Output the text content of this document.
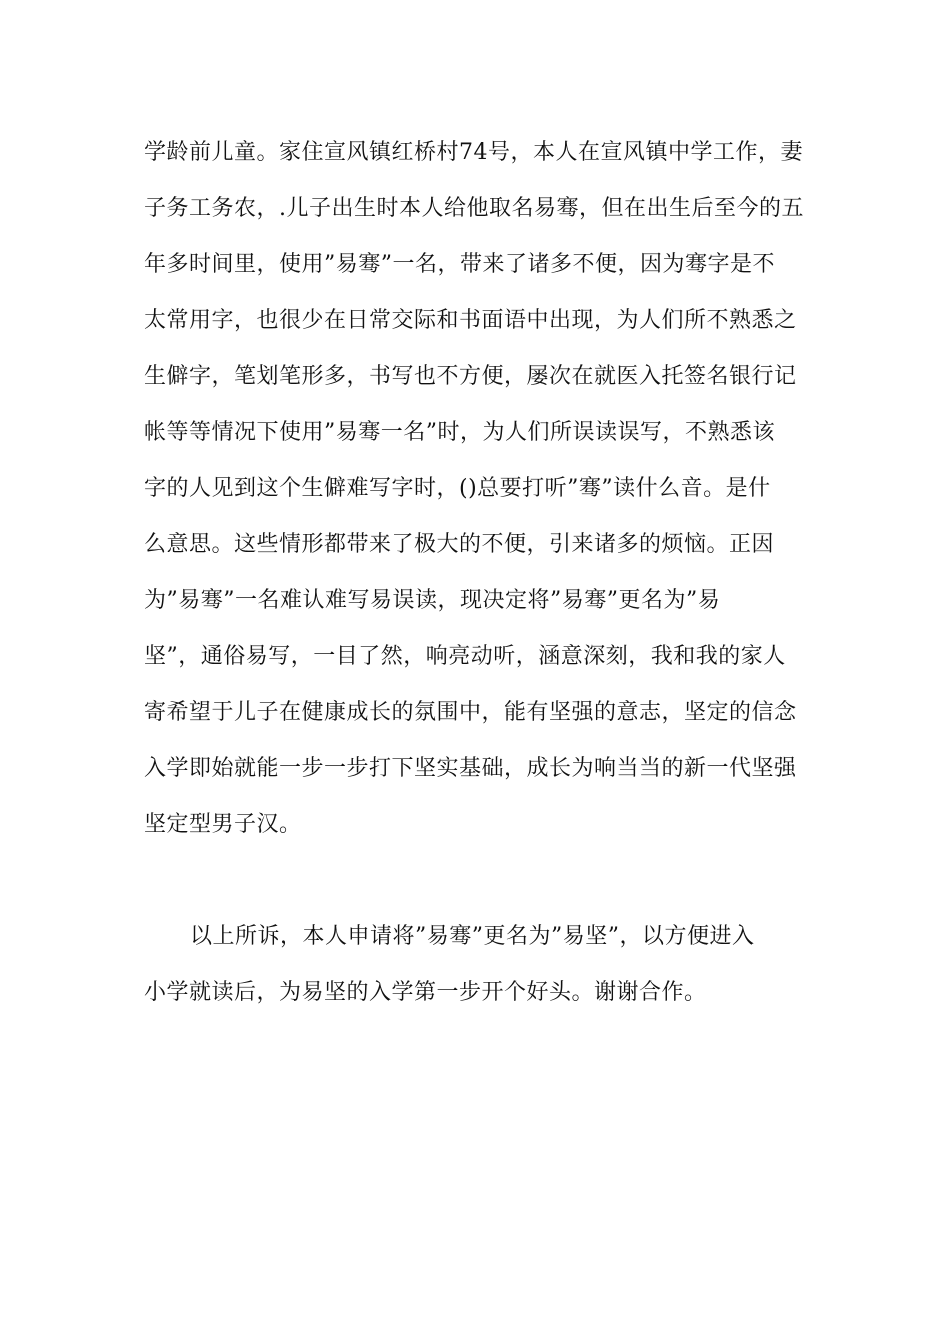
学龄前儿童。家住宣风镇红桥村74号，本人在宣风镇中学工作，妻
子务工务农，.儿子出生时本人给他取名易骞，但在出生后至今的五
年多时间里，使用”易骞”一名，带来了诸多不便，因为骞字是不
太常用字，也很少在日常交际和书面语中出现，为人们所不熟悉之
生僻字，笔划笔形多，书写也不方便，屡次在就医入托签名银行记
帐等等情况下使用”易骞一名”时，为人们所误读误写，不熟悉该
字的人见到这个生僻难写字时，()总要打听”骞”读什么音。是什
么意思。这些情形都带来了极大的不便，引来诸多的烦恼。正因
为”易骞”一名难认难写易误读，现决定将”易骞”更名为”易
坚”，通俗易写，一目了然，响亮动听，涵意深刻，我和我的家人
寄希望于儿子在健康成长的氛围中，能有坚强的意志，坚定的信念
入学即始就能一步一步打下坚实基础，成长为响当当的新一代坚强
坚定型男子汉。
以上所诉，本人申请将”易骞”更名为”易坚”，以方便进入
小学就读后，为易坚的入学第一步开个好头。谢谢合作。
